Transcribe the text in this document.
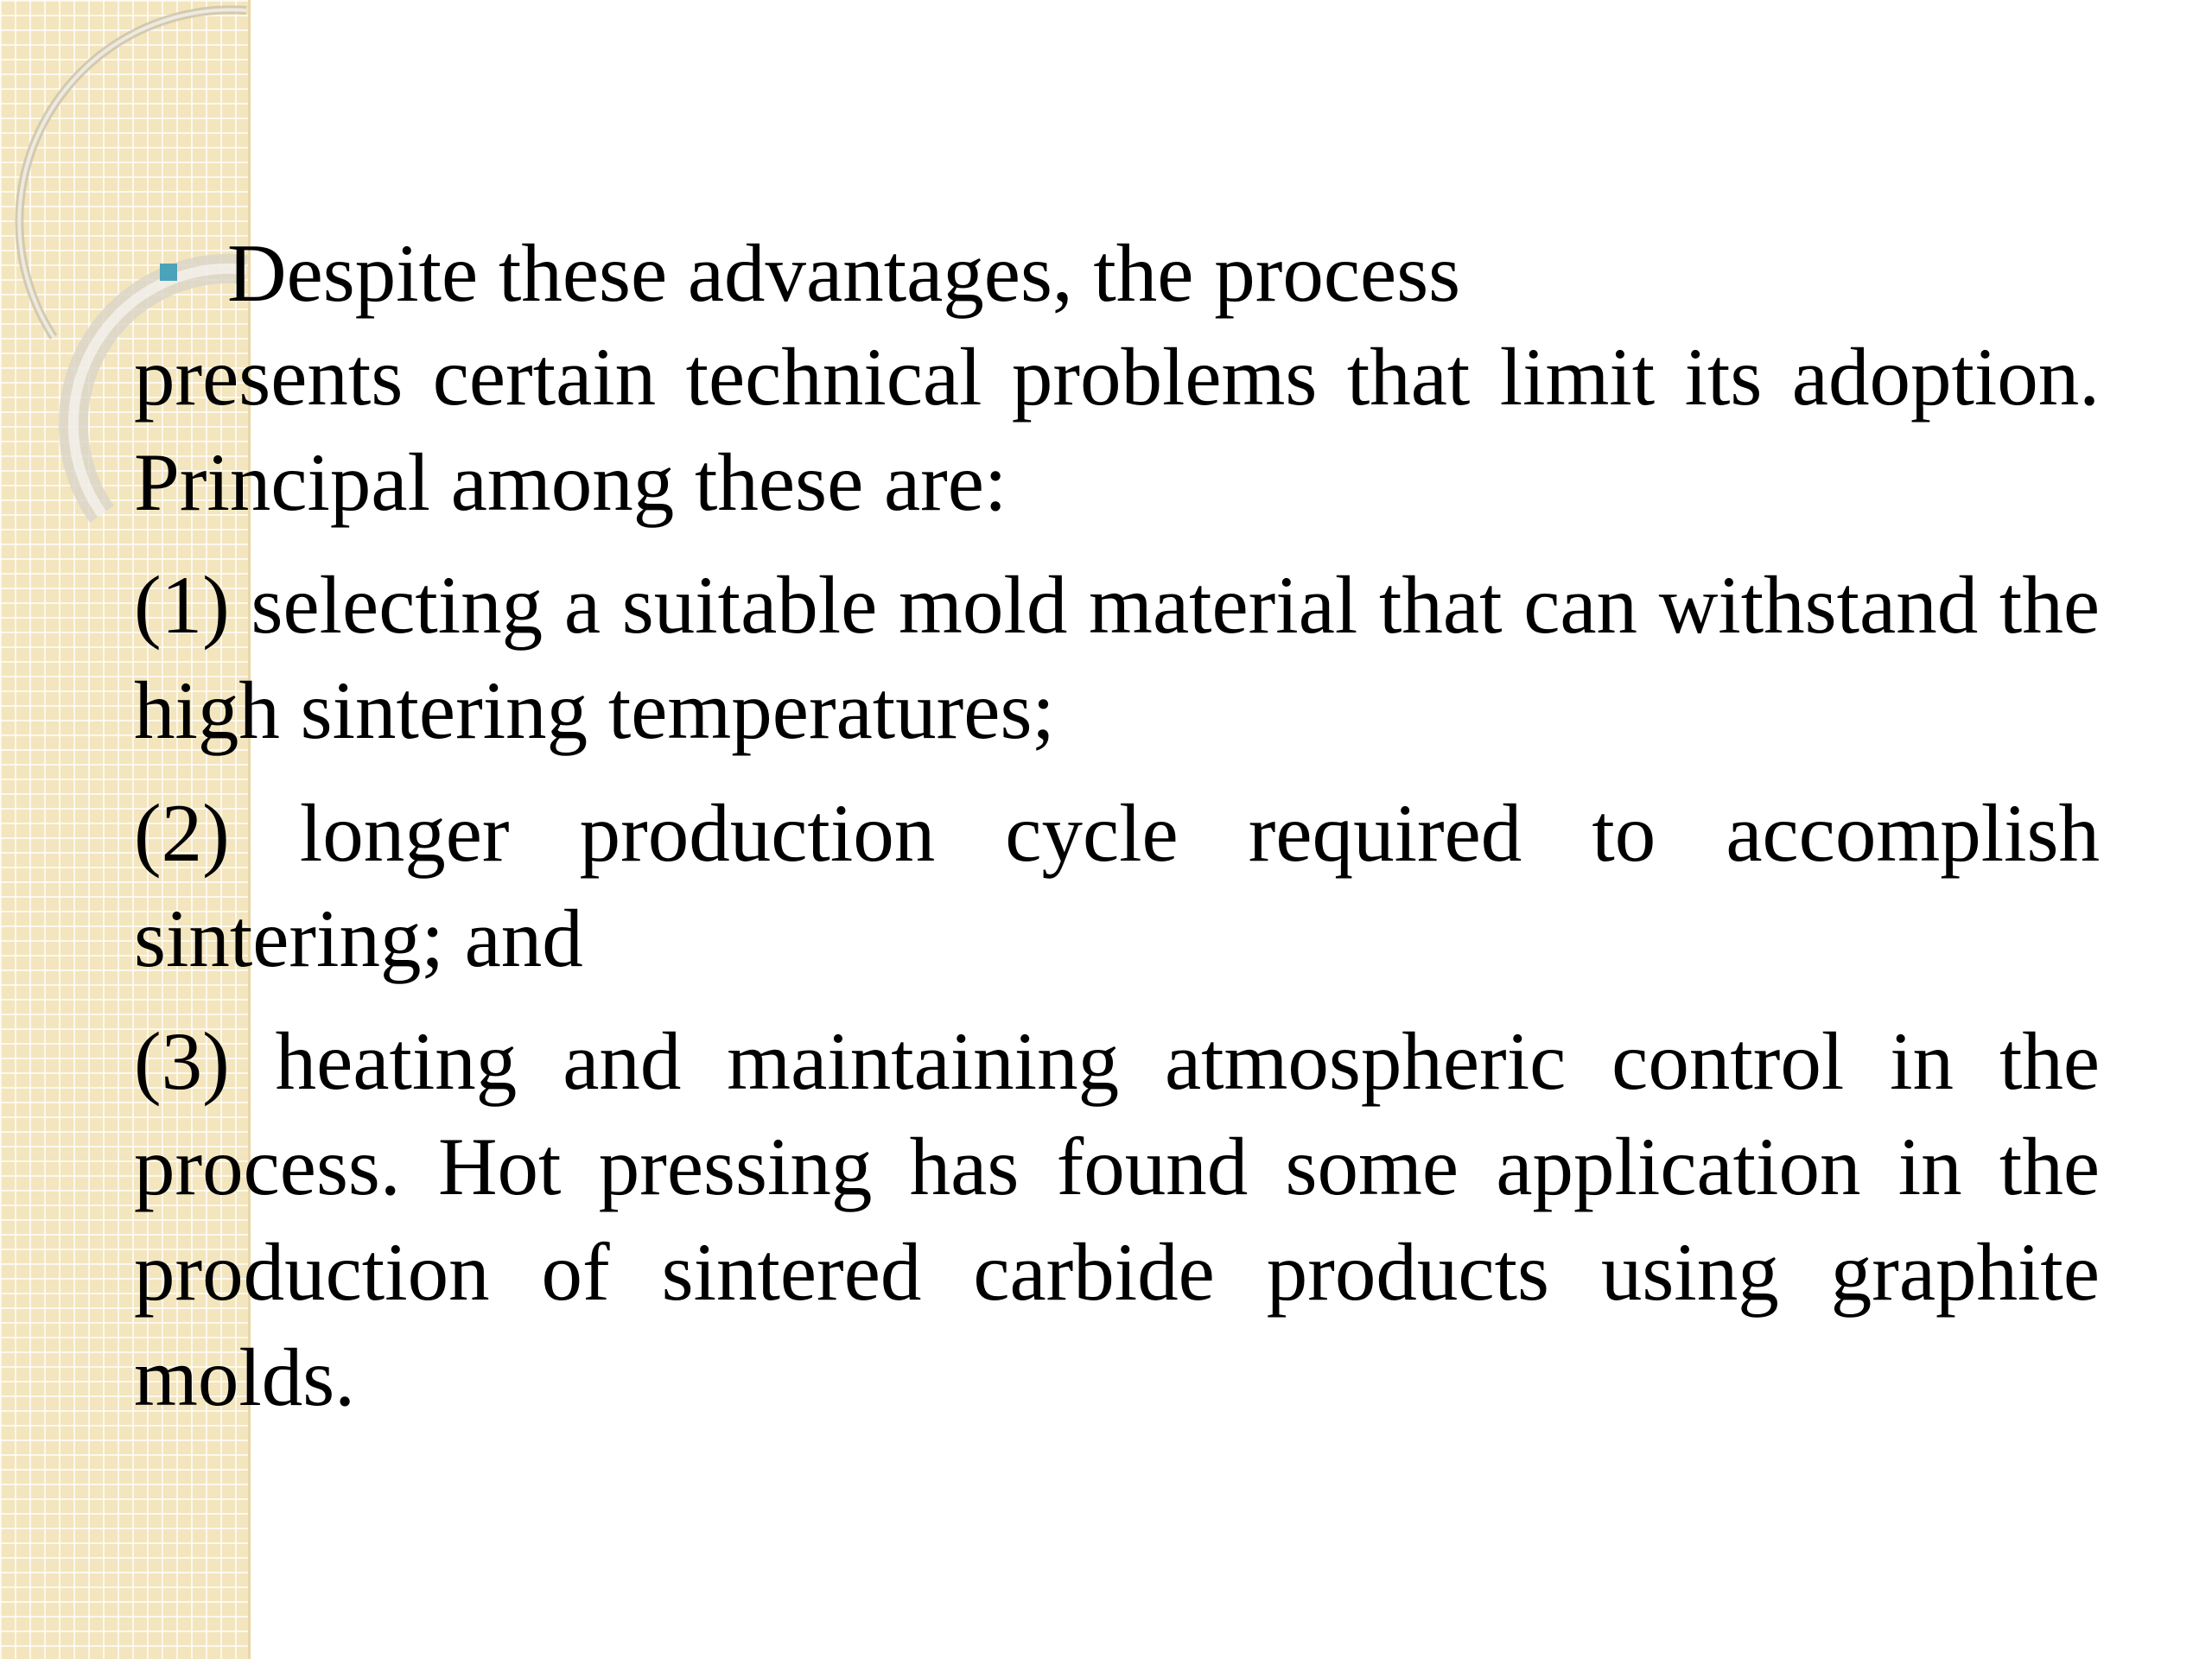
Despite these advantages, the process

presents certain technical problems that limit its adoption. Principal among these are:

(1) selecting a suitable mold material that can withstand the high sintering temperatures;

(2) longer production cycle required to accomplish sintering; and

(3) heating and maintaining atmospheric control in the process. Hot pressing has found some application in the production of sintered carbide products using graphite molds.
